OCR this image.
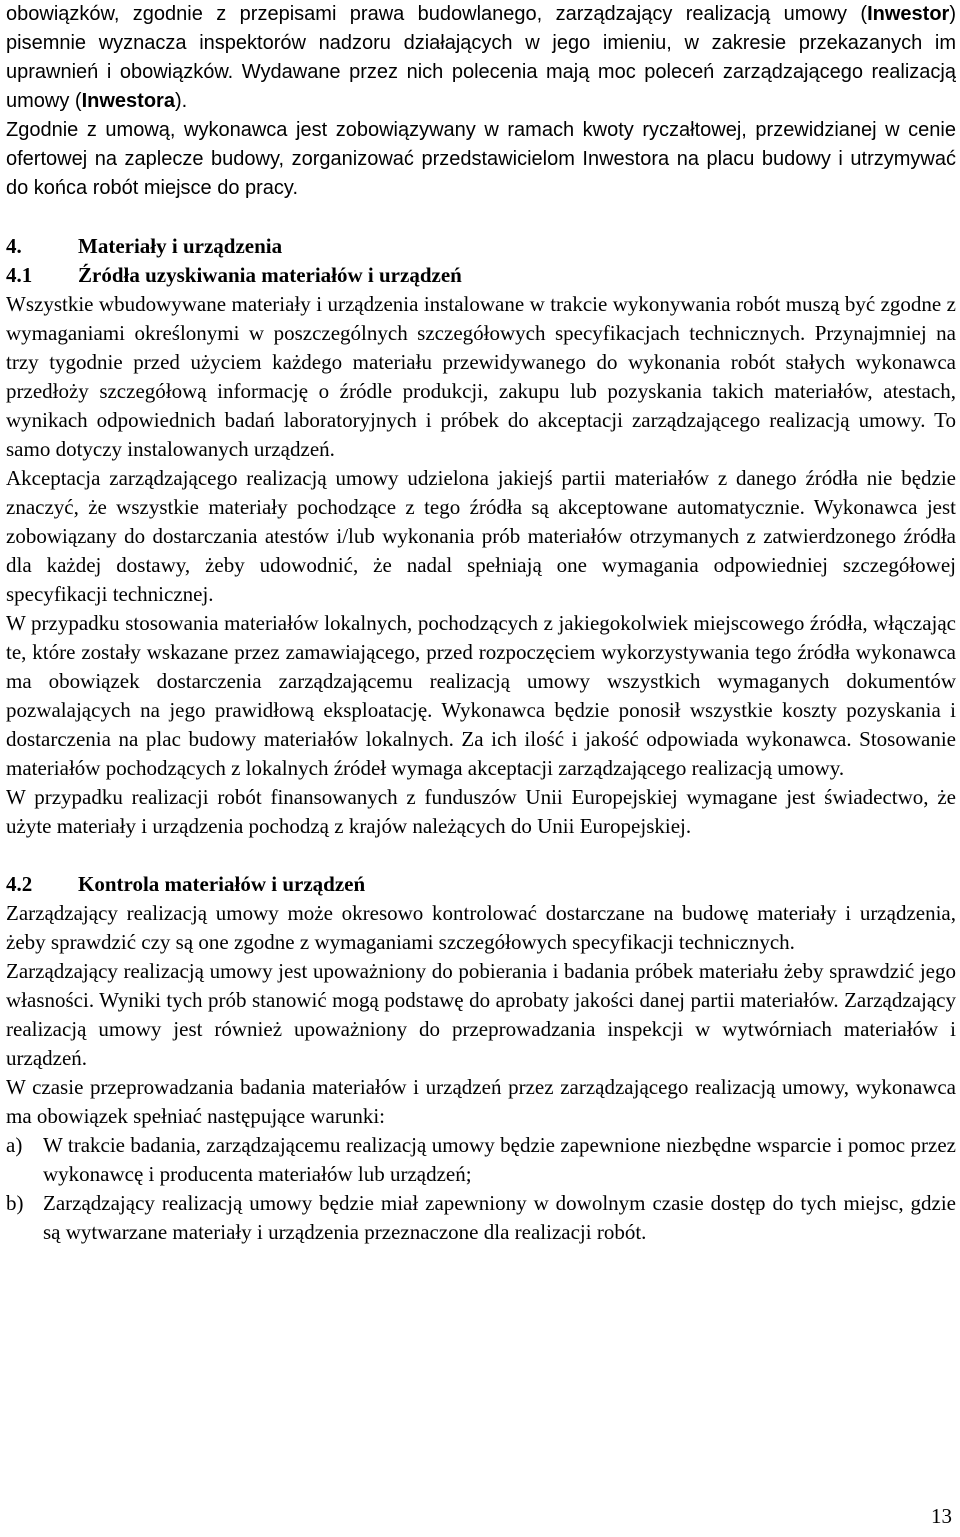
obowiązków, zgodnie z przepisami prawa budowlanego, zarządzający realizacją umowy (Inwestor) pisemnie wyznacza inspektorów nadzoru działających w jego imieniu, w zakresie przekazanych im uprawnień i obowiązków. Wydawane przez nich polecenia mają moc poleceń zarządzającego realizacją umowy (Inwestora).

Zgodnie z umową, wykonawca jest zobowiązywany w ramach kwoty ryczałtowej, przewidzianej w cenie ofertowej na zaplecze budowy, zorganizować przedstawicielom Inwestora na placu budowy i utrzymywać do końca robót miejsce do pracy.

4.	Materiały i urządzenia
4.1	Źródła uzyskiwania materiałów i urządzeń

Wszystkie wbudowywane materiały i urządzenia instalowane w trakcie wykonywania robót muszą być zgodne z wymaganiami określonymi w poszczególnych szczegółowych specyfikacjach technicznych. Przynajmniej na trzy tygodnie przed użyciem każdego materiału przewidywanego do wykonania robót stałych wykonawca przedłoży szczegółową informację o źródle produkcji, zakupu lub pozyskania takich materiałów, atestach, wynikach odpowiednich badań laboratoryjnych i próbek do akceptacji zarządzającego realizacją umowy. To samo dotyczy instalowanych urządzeń.

Akceptacja zarządzającego realizacją umowy udzielona jakiejś partii materiałów z danego źródła nie będzie znaczyć, że wszystkie materiały pochodzące z tego źródła są akceptowane automatycznie. Wykonawca jest zobowiązany do dostarczania atestów i/lub wykonania prób materiałów otrzymanych z zatwierdzonego źródła dla każdej dostawy, żeby udowodnić, że nadal spełniają one wymagania odpowiedniej szczegółowej specyfikacji technicznej.

W przypadku stosowania materiałów lokalnych, pochodzących z jakiegokolwiek miejscowego źródła, włączając te, które zostały wskazane przez zamawiającego, przed rozpoczęciem wykorzystywania tego źródła wykonawca ma obowiązek dostarczenia zarządzającemu realizacją umowy wszystkich wymaganych dokumentów pozwalających na jego prawidłową eksploatację. Wykonawca będzie ponosił wszystkie koszty pozyskania i dostarczenia na plac budowy materiałów lokalnych. Za ich ilość i jakość odpowiada wykonawca. Stosowanie materiałów pochodzących z lokalnych źródeł wymaga akceptacji zarządzającego realizacją umowy.

W przypadku realizacji robót finansowanych z funduszów Unii Europejskiej wymagane jest świadectwo, że użyte materiały i urządzenia pochodzą z krajów należących do Unii Europejskiej.

4.2	Kontrola materiałów i urządzeń

Zarządzający realizacją umowy może okresowo kontrolować dostarczane na budowę materiały i urządzenia, żeby sprawdzić czy są one zgodne z wymaganiami szczegółowych specyfikacji technicznych.

Zarządzający realizacją umowy jest upoważniony do pobierania i badania próbek materiału żeby sprawdzić jego własności. Wyniki tych prób stanowić mogą podstawę do aprobaty jakości danej partii materiałów. Zarządzający realizacją umowy jest również upoważniony do przeprowadzania inspekcji w wytwórniach materiałów i urządzeń.

W czasie przeprowadzania badania materiałów i urządzeń przez zarządzającego realizacją umowy, wykonawca ma obowiązek spełniać następujące warunki:

a) W trakcie badania, zarządzającemu realizacją umowy będzie zapewnione niezbędne wsparcie i pomoc przez wykonawcę i producenta materiałów lub urządzeń;
b) Zarządzający realizacją umowy będzie miał zapewniony w dowolnym czasie dostęp do tych miejsc, gdzie są wytwarzane materiały i urządzenia przeznaczone dla realizacji robót.
13
